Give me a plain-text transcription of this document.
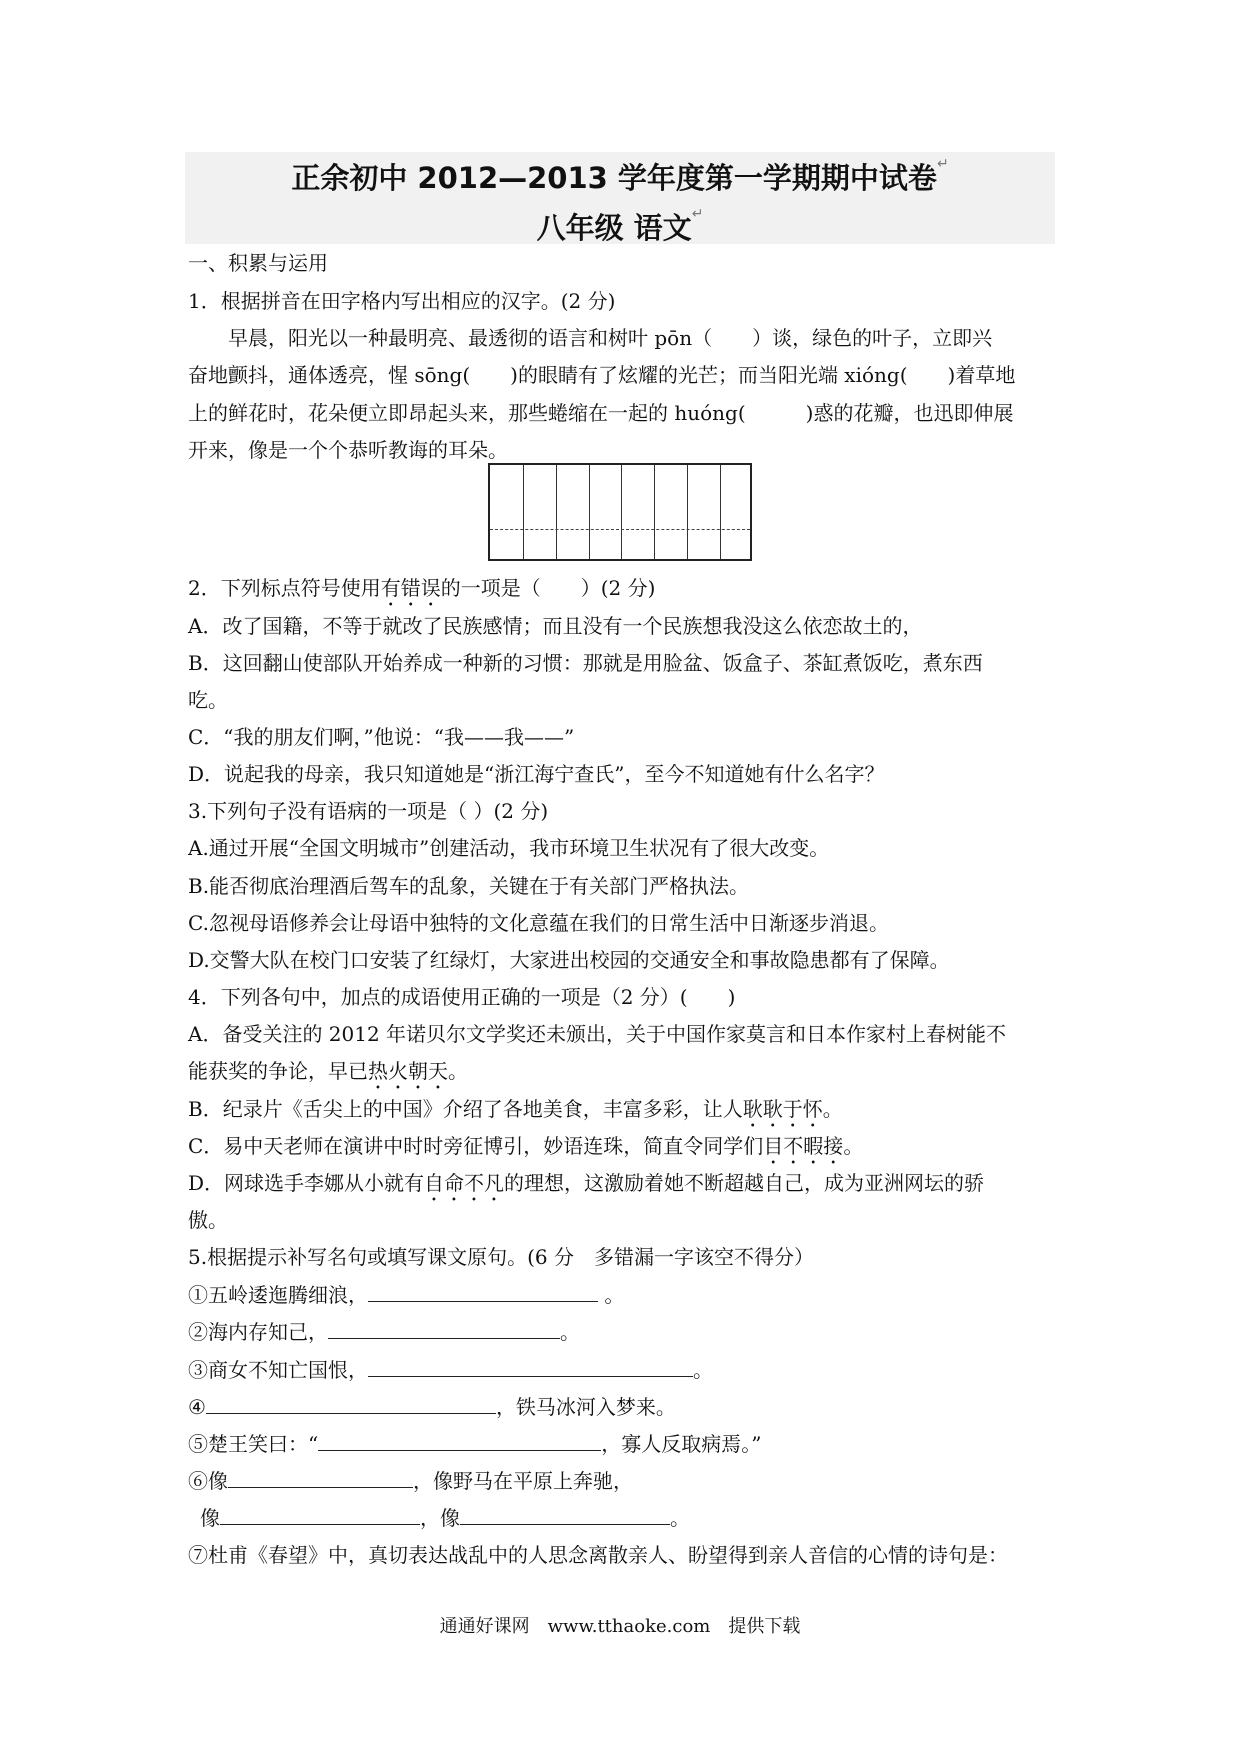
正余初中 2012—2013 学年度第一学期期中试卷↵
八年级 语文↵
一、积累与运用
1．根据拼音在田字格内写出相应的汉字。(2 分)
早晨，阳光以一种最明亮、最透彻的语言和树叶 pōn（　　）谈，绿色的叶子，立即兴
奋地颤抖，通体透亮，惺 sōng(　　)的眼睛有了炫耀的光芒；而当阳光端 xiόng(　　)着草地
上的鲜花时，花朵便立即昂起头来，那些蜷缩在一起的 huóng(　　　)惑的花瓣，也迅即伸展
开来，像是一个个恭听教诲的耳朵。
2．下列标点符号使用有错误的一项是（　　）(2 分)
A．改了国籍，不等于就改了民族感情；而且没有一个民族想我没这么依恋故土的，
B．这回翻山使部队开始养成一种新的习惯：那就是用脸盆、饭盒子、茶缸煮饭吃，煮东西
吃。
C．“我的朋友们啊，”他说：“我——我——”
D．说起我的母亲，我只知道她是“浙江海宁查氏”，至今不知道她有什么名字？
3.下列句子没有语病的一项是（ ）(2 分)
A.通过开展“全国文明城市”创建活动，我市环境卫生状况有了很大改变。
B.能否彻底治理酒后驾车的乱象，关键在于有关部门严格执法。
C.忽视母语修养会让母语中独特的文化意蕴在我们的日常生活中日渐逐步消退。
D.交警大队在校门口安装了红绿灯，大家进出校园的交通安全和事故隐患都有了保障。
4．下列各句中，加点的成语使用正确的一项是（2 分）(　　)
A．备受关注的 2012 年诺贝尔文学奖还未颁出，关于中国作家莫言和日本作家村上春树能不
能获奖的争论，早已热火朝天。
B．纪录片《舌尖上的中国》介绍了各地美食，丰富多彩，让人耿耿于怀。
C．易中天老师在演讲中时时旁征博引，妙语连珠，简直令同学们目不暇接。
D．网球选手李娜从小就有自命不凡的理想，这激励着她不断超越自己，成为亚洲网坛的骄
傲。
5.根据提示补写名句或填写课文原句。(6 分　多错漏一字该空不得分）
①五岭逶迤腾细浪，	。
②海内存知己，	。
③商女不知亡国恨，	。
④	，铁马冰河入梦来。
⑤楚王笑曰：“	，寡人反取病焉。”
⑥像	，像野马在平原上奔驰，
像	，像	。
⑦杜甫《春望》中，真切表达战乱中的人思念离散亲人、盼望得到亲人音信的心情的诗句是：
通通好课网　www.tthaoke.com　提供下载
